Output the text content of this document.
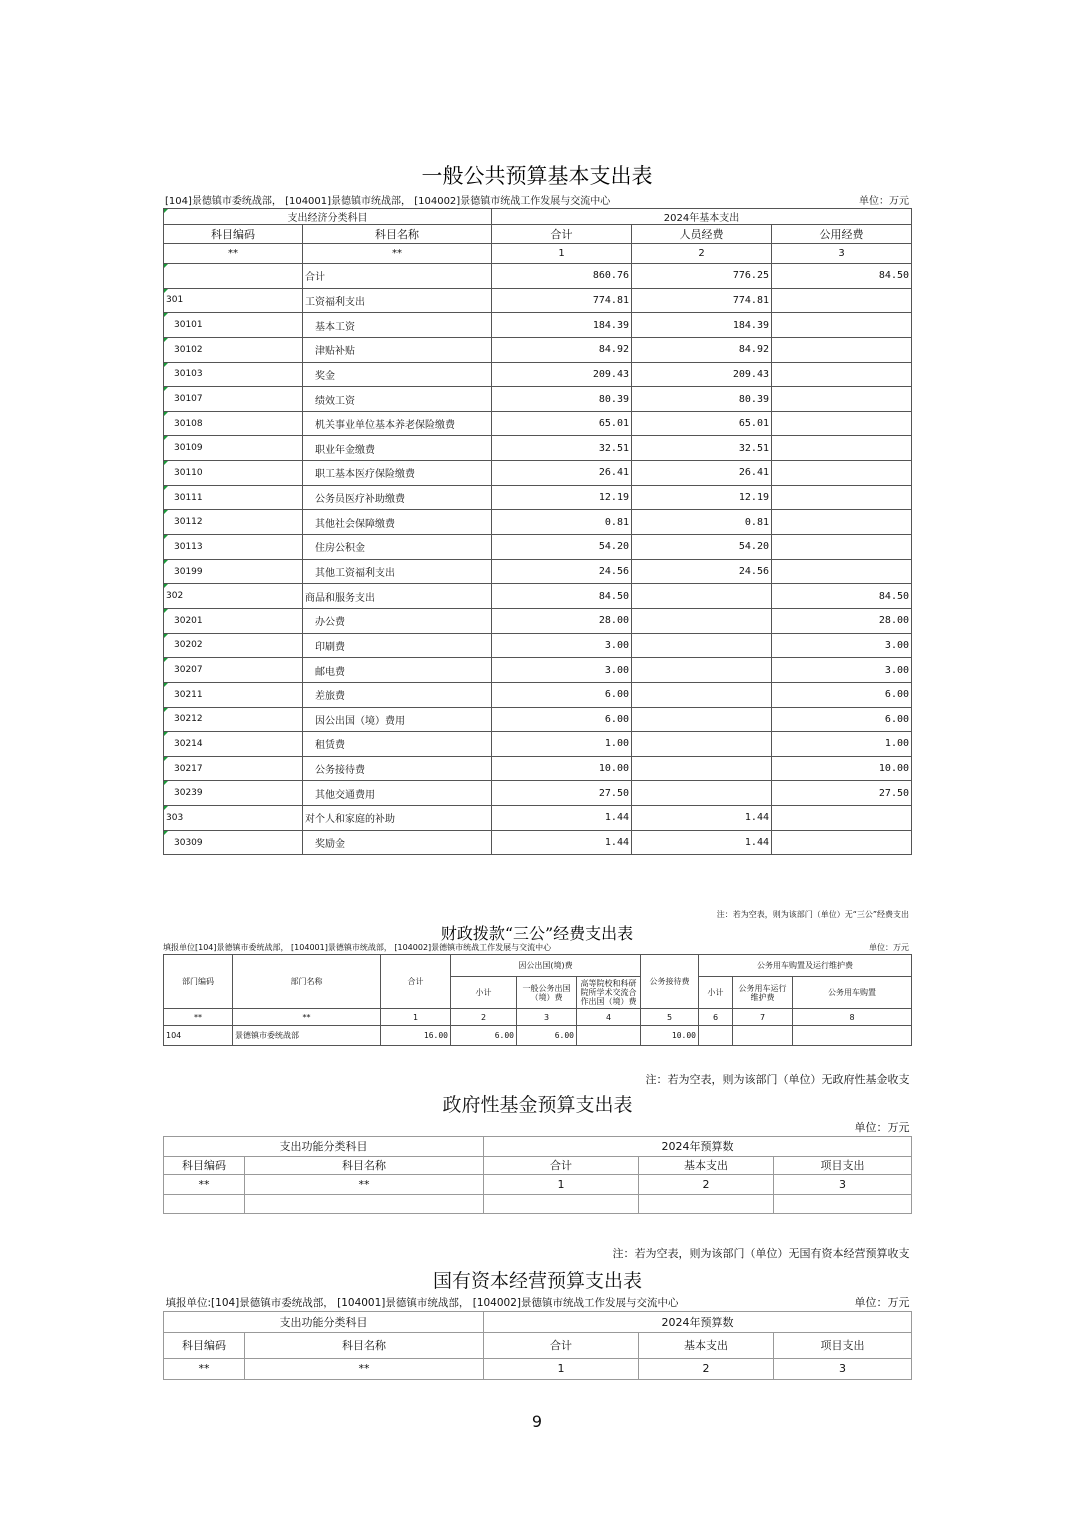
一般公共预算基本支出表
[104]景德镇市委统战部， [104001]景德镇市统战部， [104002]景德镇市统战工作发展与交流中心	单位：万元
支出经济分类科目		2024年基本支出		
科目编码	科目名称	合计	人员经费	公用经费
**	**	1	2	3
	合计	860.76	776.25	84.50
301	工资福利支出	774.81	774.81	
30101	基本工资	184.39	184.39	
30102	津贴补贴	84.92	84.92	
30103	奖金	209.43	209.43	
30107	绩效工资	80.39	80.39	
30108	机关事业单位基本养老保险缴费	65.01	65.01	
30109	职业年金缴费	32.51	32.51	
30110	职工基本医疗保险缴费	26.41	26.41	
30111	公务员医疗补助缴费	12.19	12.19	
30112	其他社会保障缴费	0.81	0.81	
30113	住房公积金	54.20	54.20	
30199	其他工资福利支出	24.56	24.56	
302	商品和服务支出	84.50		84.50
30201	办公费	28.00		28.00
30202	印刷费	3.00		3.00
30207	邮电费	3.00		3.00
30211	差旅费	6.00		6.00
30212	因公出国（境）费用	6.00		6.00
30214	租赁费	1.00		1.00
30217	公务接待费	10.00		10.00
30239	其他交通费用	27.50		27.50
303	对个人和家庭的补助	1.44	1.44	
30309	奖励金	1.44	1.44	
注：若为空表，则为该部门（单位）无“三公”经费支出
财政拨款“三公”经费支出表
填报单位[104]景德镇市委统战部， [104001]景德镇市统战部， [104002]景德镇市统战工作发展与交流中心	单位：万元
部门编码	部门名称	合计	因公出国(境)费			公务接待费	公务用车购置及运行维护费		
			小计	一般公务出国（境）费	高等院校和科研院所学术交流合作出国（境）费		小计	公务用车运行维护费	公务用车购置
**	**	1	2	3	4	5	6	7	8
104	景德镇市委统战部	16.00	6.00	6.00		10.00			
		注：若为空表，则为该部门（单位）无政府性基金收支		
政府性基金预算支出表				
单位：万元				
支出功能分类科目		2024年预算数		
科目编码	科目名称	合计	基本支出	项目支出
**	**	1	2	3

		注：若为空表，则为该部门（单位）无国有资本经营预算收支		
国有资本经营预算支出表				
填报单位:[104]景德镇市委统战部， [104001]景德镇市统战部， [104002]景德镇市统战工作发展与交流中心				单位：万元
支出功能分类科目		2024年预算数		
科目编码	科目名称	合计	基本支出	项目支出
**	**	1	2	3
9
